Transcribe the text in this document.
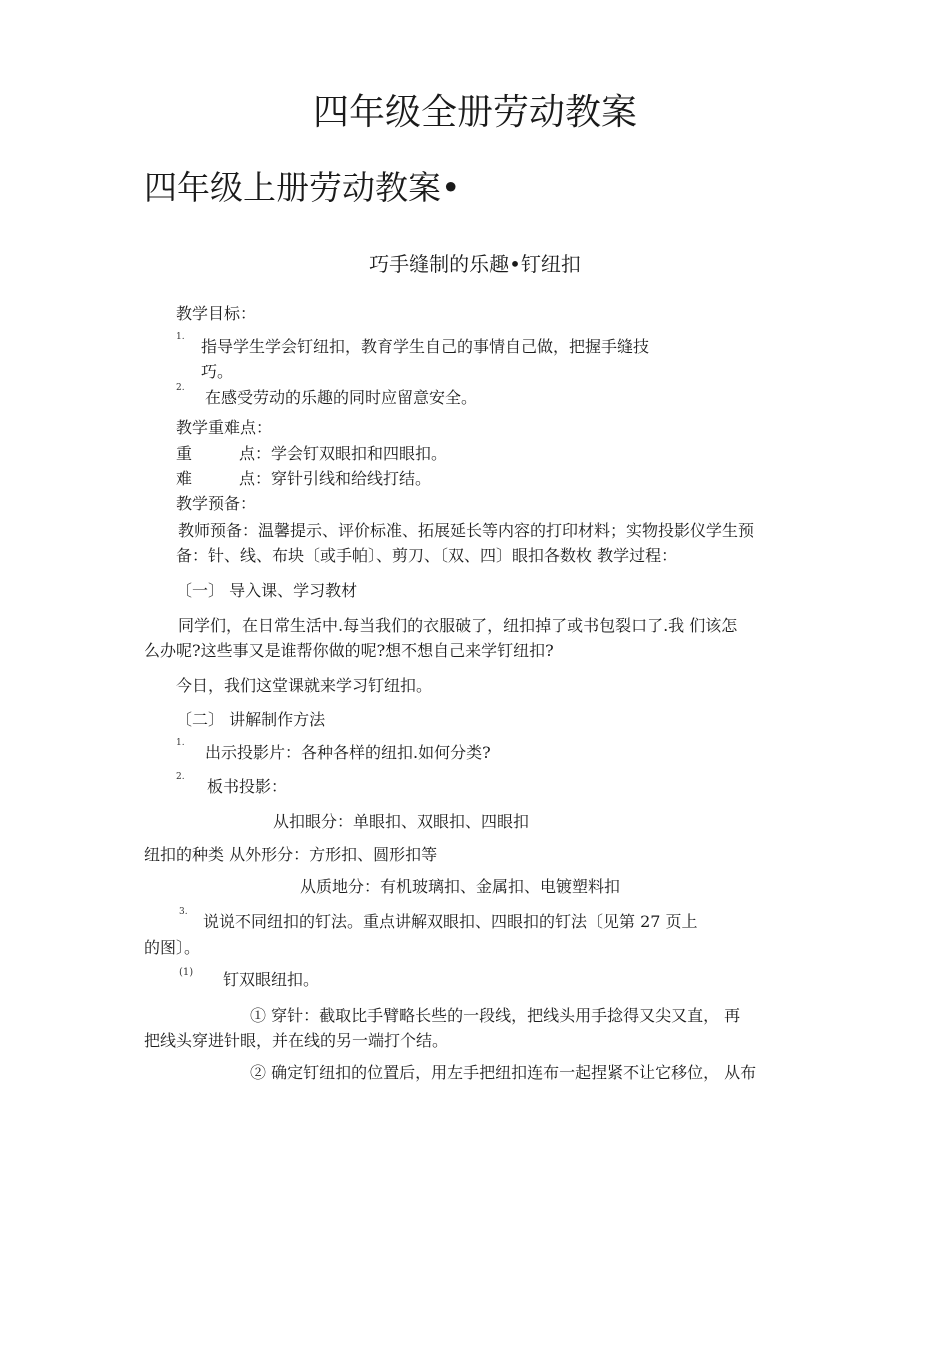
四年级全册劳动教案
四年级上册劳动教案•
巧手缝制的乐趣•钉纽扣
教学目标：
1. 指导学生学会钉纽扣，教育学生自己的事情自己做，把握手缝技
巧。
2. 在感受劳动的乐趣的同时应留意安全。
教学重难点：
重	点：学会钉双眼扣和四眼扣。
难	点：穿针引线和给线打结。
教学预备：
教师预备：温馨提示、评价标准、拓展延长等内容的打印材料；实物投影仪学生预
备：针、线、布块〔或手帕〕、剪刀、〔双、四〕眼扣各数枚 教学过程：
〔一〕 导入课、学习教材
同学们，在日常生活中.每当我们的衣服破了，纽扣掉了或书包裂口了.我 们该怎
么办呢?这些事又是谁帮你做的呢?想不想自己来学钉纽扣?
今日，我们这堂课就来学习钉纽扣。
〔二〕 讲解制作方法
1. 出示投影片：各种各样的纽扣.如何分类?
2. 板书投影：
从扣眼分：单眼扣、双眼扣、四眼扣
纽扣的种类 从外形分：方形扣、圆形扣等
从质地分：有机玻璃扣、金属扣、电镀塑料扣
3. 说说不同纽扣的钉法。重点讲解双眼扣、四眼扣的钉法〔见第 27 页上
的图〕。
(1) 钉双眼纽扣。
① 穿针：截取比手臂略长些的一段线，把线头用手捻得又尖又直， 再
把线头穿进针眼，并在线的另一端打个结。
② 确定钉纽扣的位置后，用左手把纽扣连布一起捏紧不让它移位， 从布
